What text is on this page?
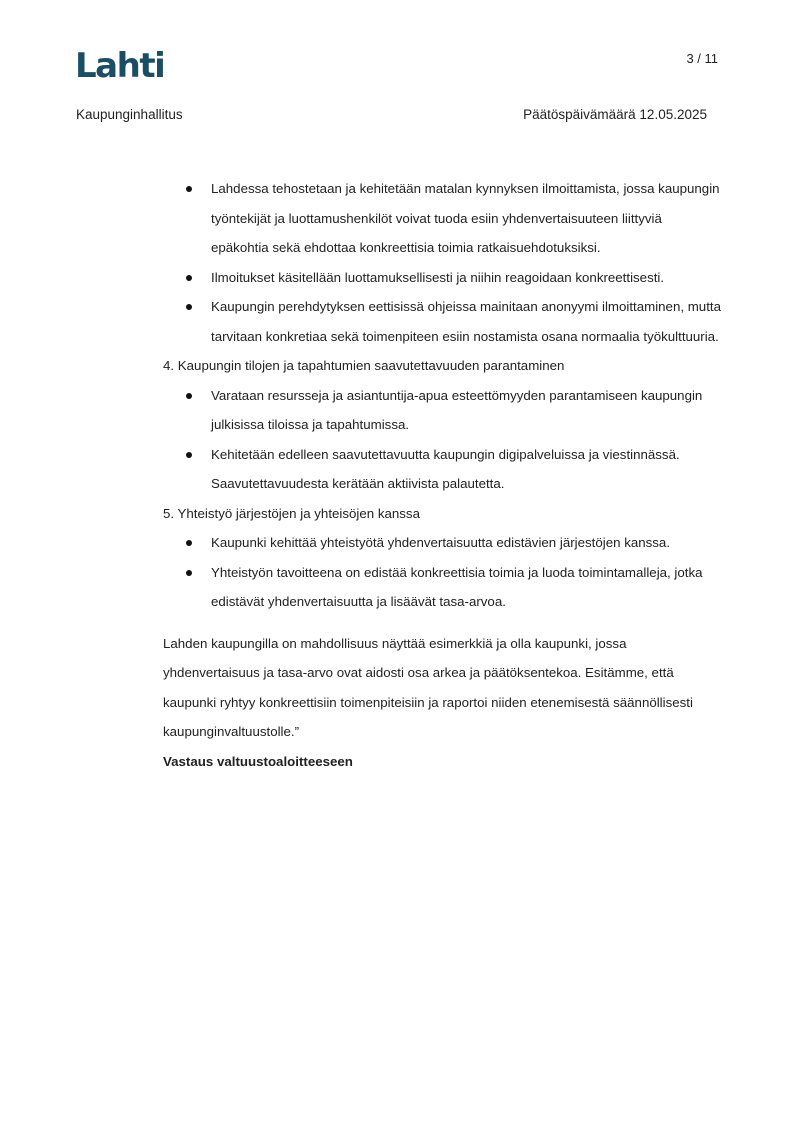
Lahti	3 / 11
Kaupunginhallitus	Päätöspäivämäärä 12.05.2025
Lahdessa tehostetaan ja kehitetään matalan kynnyksen ilmoittamista, jossa kaupungin työntekijät ja luottamushenkilöt voivat tuoda esiin yhdenvertaisuuteen liittyviä epäkohtia sekä ehdottaa konkreettisia toimia ratkaisuehdotuksiksi.
Ilmoitukset käsitellään luottamuksellisesti ja niihin reagoidaan konkreettisesti.
Kaupungin perehdytyksen eettisissä ohjeissa mainitaan anonyymi ilmoittaminen, mutta tarvitaan konkretiaa sekä toimenpiteen esiin nostamista osana normaalia työkulttuuria.

4. Kaupungin tilojen ja tapahtumien saavutettavuuden parantaminen

Varataan resursseja ja asiantuntija-apua esteettömyyden parantamiseen kaupungin julkisissa tiloissa ja tapahtumissa.
Kehitetään edelleen saavutettavuutta kaupungin digipalveluissa ja viestinnässä. Saavutettavuudesta kerätään aktiivista palautetta.

5. Yhteistyö järjestöjen ja yhteisöjen kanssa

Kaupunki kehittää yhteistyötä yhdenvertaisuutta edistävien järjestöjen kanssa.
Yhteistyön tavoitteena on edistää konkreettisia toimia ja luoda toimintamalleja, jotka edistävät yhdenvertaisuutta ja lisäävät tasa-arvoa.

Lahden kaupungilla on mahdollisuus näyttää esimerkkiä ja olla kaupunki, jossa yhdenvertaisuus ja tasa-arvo ovat aidosti osa arkea ja päätöksentekoa. Esitämme, että kaupunki ryhtyy konkreettisiin toimenpiteisiin ja raportoi niiden etenemisestä säännöllisesti kaupunginvaltuustolle.”

Vastaus valtuustoaloitteeseen
